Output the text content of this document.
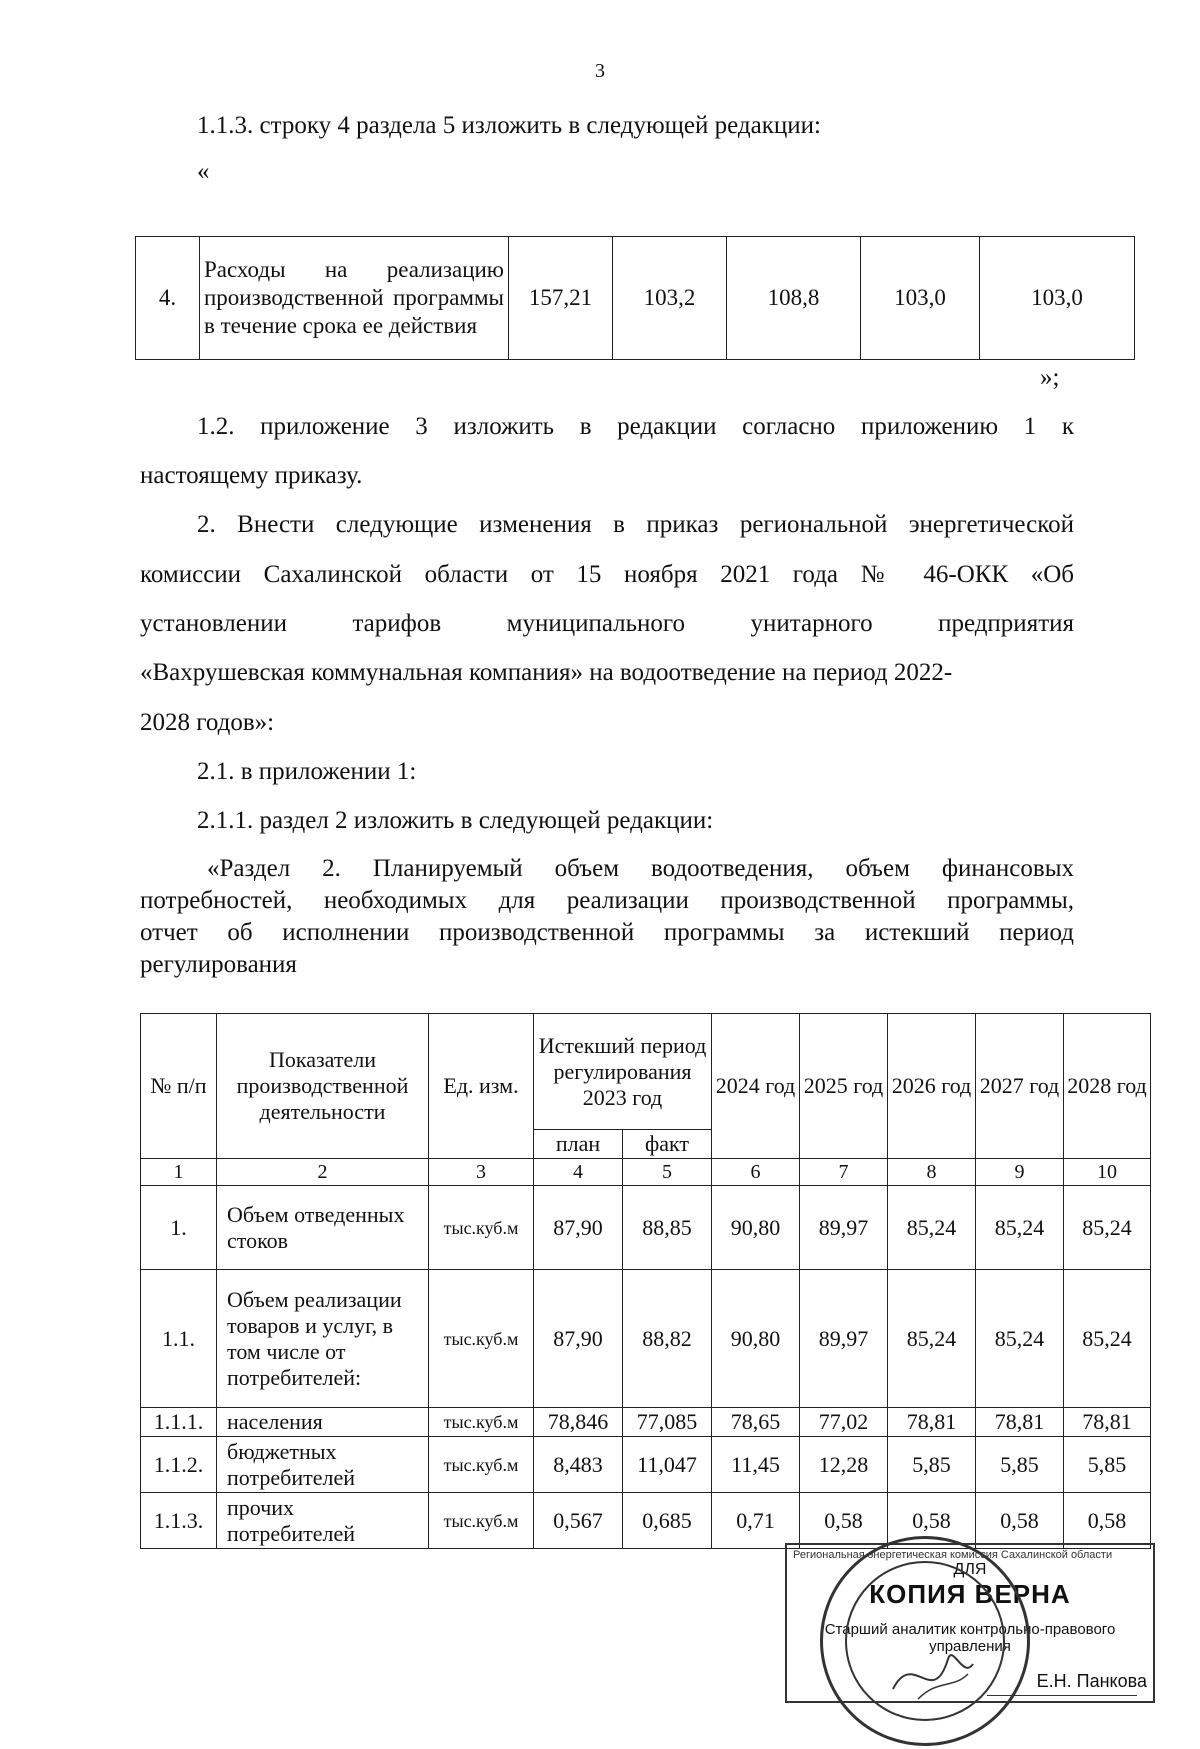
3
1.1.3. строку 4 раздела 5 изложить в следующей редакции:
«
4.	Расходы на реализацию производственной программы в течение срока ее действия	157,21	103,2	108,8	103,0	103,0
»;
1.2. приложение 3 изложить в редакции согласно приложению 1 к
настоящему приказу.
2. Внести следующие изменения в приказ региональной энергетической
комиссии Сахалинской области от 15 ноября 2021 года № 46-ОКК «Об
установлении тарифов муниципального унитарного предприятия
«Вахрушевская коммунальная компания» на водоотведение на период 2022-
2028 годов»:
2.1. в приложении 1:
2.1.1. раздел 2 изложить в следующей редакции:
«Раздел 2. Планируемый объем водоотведения, объем финансовых
потребностей, необходимых для реализации производственной программы,
отчет об исполнении производственной программы за истекший период
регулирования
№ п/п	Показатели производственной деятельности	Ед. изм.	Истекший период регулирования 2023 год		2024 год	2025 год	2026 год	2027 год	2028 год
			план	факт					
1	2	3	4	5	6	7	8	9	10
1.	Объем отведенных стоков	тыс.куб.м	87,90	88,85	90,80	89,97	85,24	85,24	85,24
1.1.	Объем реализации товаров и услуг, в том числе от потребителей:	тыс.куб.м	87,90	88,82	90,80	89,97	85,24	85,24	85,24
1.1.1.	населения	тыс.куб.м	78,846	77,085	78,65	77,02	78,81	78,81	78,81
1.1.2.	бюджетных потребителей	тыс.куб.м	8,483	11,047	11,45	12,28	5,85	5,85	5,85
1.1.3.	прочих потребителей	тыс.куб.м	0,567	0,685	0,71	0,58	0,58	0,58	0,58
Региональная энергетическая комиссия Сахалинской области
ДЛЯ
КОПИЯ ВЕРНА
Старший аналитик контрольно-правового управления
Е.Н. Панкова
